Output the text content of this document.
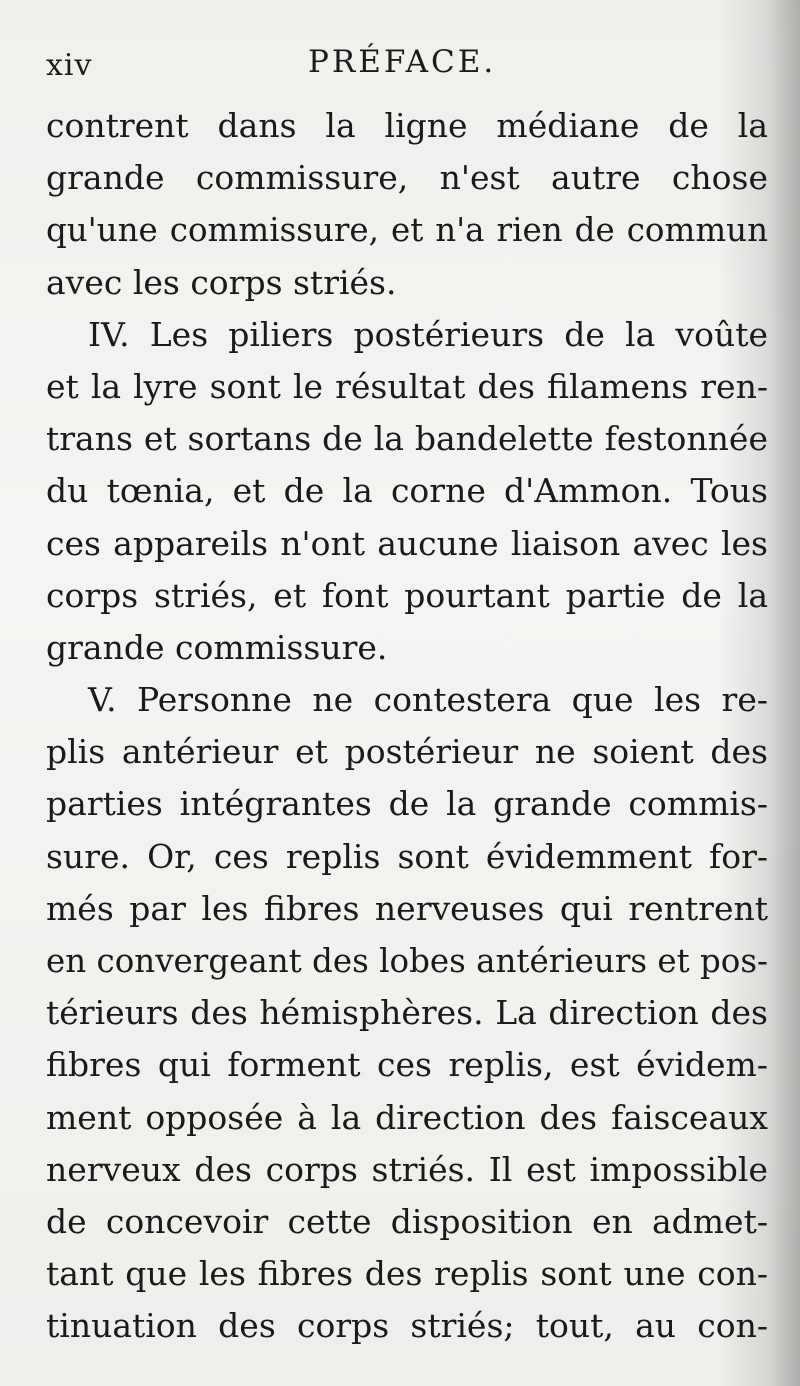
xiv	PRÉFACE.
contrent dans la ligne médiane de la
grande commissure, n'est autre chose
qu'une commissure, et n'a rien de commun
avec les corps striés.
IV. Les piliers postérieurs de la voûte
et la lyre sont le résultat des filamens ren-
trans et sortans de la bandelette festonnée
du tœnia, et de la corne d'Ammon. Tous
ces appareils n'ont aucune liaison avec les
corps striés, et font pourtant partie de la
grande commissure.
V. Personne ne contestera que les re-
plis antérieur et postérieur ne soient des
parties intégrantes de la grande commis-
sure. Or, ces replis sont évidemment for-
més par les fibres nerveuses qui rentrent
en convergeant des lobes antérieurs et pos-
térieurs des hémisphères. La direction des
fibres qui forment ces replis, est évidem-
ment opposée à la direction des faisceaux
nerveux des corps striés. Il est impossible
de concevoir cette disposition en admet-
tant que les fibres des replis sont une con-
tinuation des corps striés; tout, au con-
